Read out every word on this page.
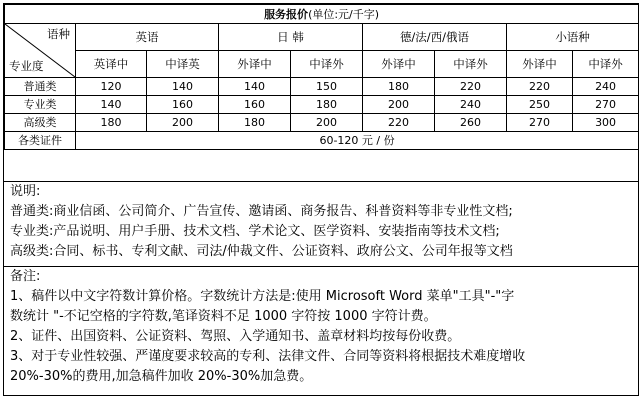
服务报价(单位:元/千字)								

语种
专业度	英语		日 韩		德/法/西/俄语		小语种	
	英译中	中译英	外译中	中译外	外译中	中译外	外译中	中译外
普通类	120	140	140	150	180	220	220	240
专业类	140	160	160	180	200	240	250	270
高级类	180	200	180	200	220	260	270	300
各类证件	60-120 元 / 份							
说明:
普通类:商业信函、公司简介、广告宣传、邀请函、商务报告、科普资料等非专业性文档;
专业类:产品说明、用户手册、技术文档、学术论文、医学资料、安装指南等技术文档;
高级类:合同、标书、专利文献、司法/仲裁文件、公证资料、政府公文、公司年报等文档
备注:
1、稿件以中文字符数计算价格。字数统计方法是:使用 Microsoft Word 菜单"工具"-"字
数统计 "-不记空格的字符数,笔译资料不足 1000 字符按 1000 字符计费。
2、证件、出国资料、公证资料、驾照、入学通知书、盖章材料均按每份收费。
3、对于专业性较强、严谨度要求较高的专利、法律文件、合同等资料将根据技术难度增收
20%-30%的费用,加急稿件加收 20%-30%加急费。
